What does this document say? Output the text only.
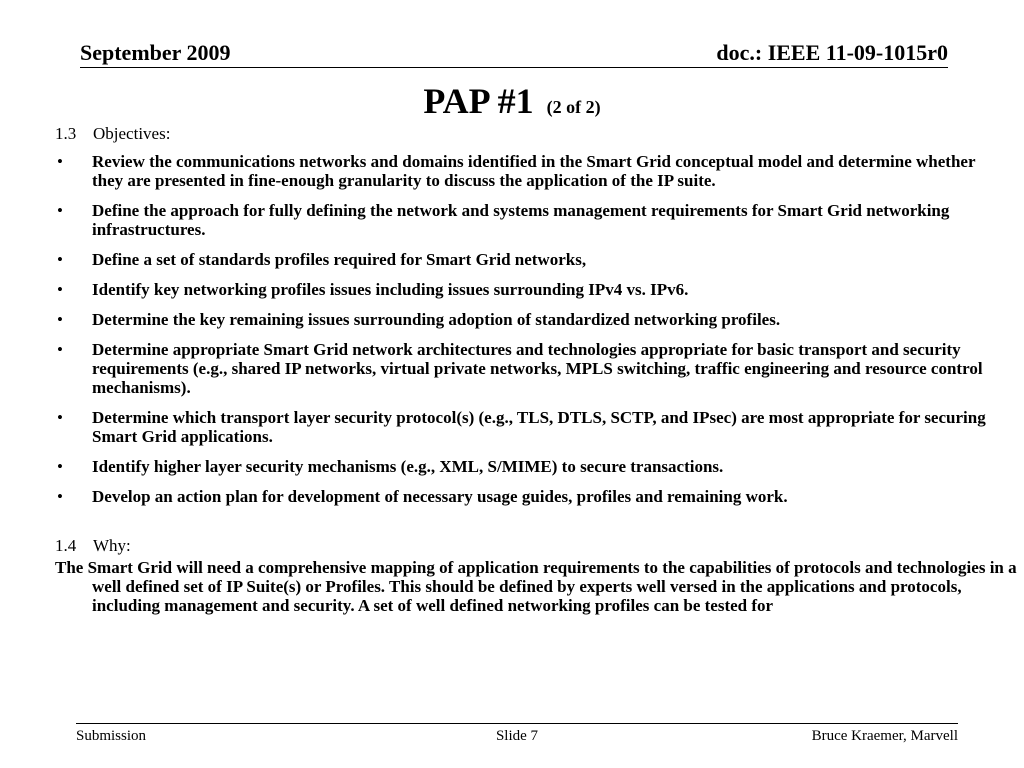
September 2009	doc.: IEEE 11-09-1015r0
PAP #1 (2 of 2)
1.3 Objectives:
• Review the communications networks and domains identified in the Smart Grid conceptual model and determine whether they are presented in fine-enough granularity to discuss the application of the IP suite.
• Define the approach for fully defining the network and systems management requirements for Smart Grid networking infrastructures.
• Define a set of standards profiles required for Smart Grid networks,
• Identify key networking profiles issues including issues surrounding IPv4 vs. IPv6.
• Determine the key remaining issues surrounding adoption of standardized networking profiles.
• Determine appropriate Smart Grid network architectures and technologies appropriate for basic transport and security requirements (e.g., shared IP networks, virtual private networks, MPLS switching, traffic engineering and resource control mechanisms).
• Determine which transport layer security protocol(s) (e.g., TLS, DTLS, SCTP, and IPsec) are most appropriate for securing Smart Grid applications.
• Identify higher layer security mechanisms (e.g., XML, S/MIME) to secure transactions.
• Develop an action plan for development of necessary usage guides, profiles and remaining work.
1.4 Why:
The Smart Grid will need a comprehensive mapping of application requirements to the capabilities of protocols and technologies in a well defined set of IP Suite(s) or Profiles. This should be defined by experts well versed in the applications and protocols, including management and security. A set of well defined networking profiles can be tested for
Submission	Slide 7	Bruce Kraemer, Marvell
